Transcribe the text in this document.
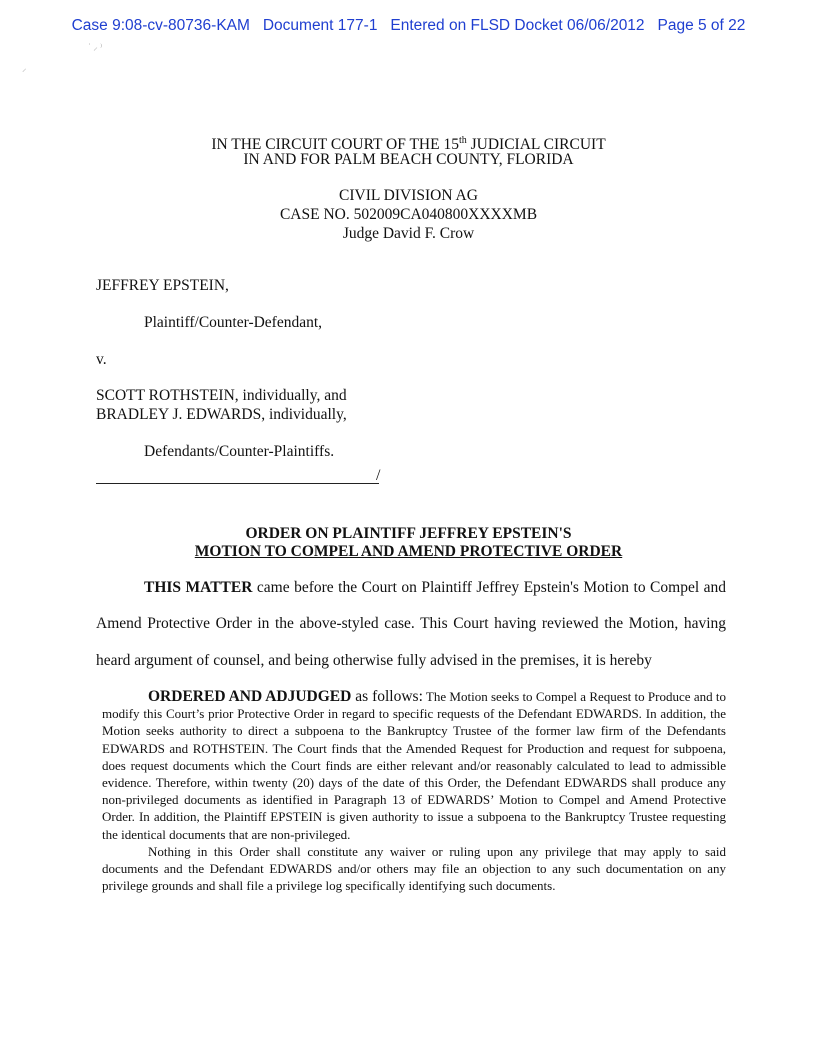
Case 9:08-cv-80736-KAM Document 177-1 Entered on FLSD Docket 06/06/2012 Page 5 of 22
˙ ⸝ ⁾
⸍
IN THE CIRCUIT COURT OF THE 15th JUDICIAL CIRCUIT
IN AND FOR PALM BEACH COUNTY, FLORIDA
CIVIL DIVISION AG
CASE NO. 502009CA040800XXXXMB
Judge David F. Crow
JEFFREY EPSTEIN,
Plaintiff/Counter-Defendant,
v.
SCOTT ROTHSTEIN, individually, and
BRADLEY J. EDWARDS, individually,
Defendants/Counter-Plaintiffs.
/
ORDER ON PLAINTIFF JEFFREY EPSTEIN'S
MOTION TO COMPEL AND AMEND PROTECTIVE ORDER
THIS MATTER came before the Court on Plaintiff Jeffrey Epstein's Motion to Compel and
Amend Protective Order in the above-styled case. This Court having reviewed the Motion, having
heard argument of counsel, and being otherwise fully advised in the premises, it is hereby

ORDERED AND ADJUDGED as follows: The Motion seeks to Compel a Request to Produce and to modify this Court’s prior Protective Order in regard to specific requests of the Defendant EDWARDS. In addition, the Motion seeks authority to direct a subpoena to the Bankruptcy Trustee of the former law firm of the Defendants EDWARDS and ROTHSTEIN. The Court finds that the Amended Request for Production and request for subpoena, does request documents which the Court finds are either relevant and/or reasonably calculated to lead to admissible evidence. Therefore, within twenty (20) days of the date of this Order, the Defendant EDWARDS shall produce any non-privileged documents as identified in Paragraph 13 of EDWARDS’ Motion to Compel and Amend Protective Order. In addition, the Plaintiff EPSTEIN is given authority to issue a subpoena to the Bankruptcy Trustee requesting the identical documents that are non-privileged.

Nothing in this Order shall constitute any waiver or ruling upon any privilege that may apply to said documents and the Defendant EDWARDS and/or others may file an objection to any such documentation on any privilege grounds and shall file a privilege log specifically identifying such documents.
